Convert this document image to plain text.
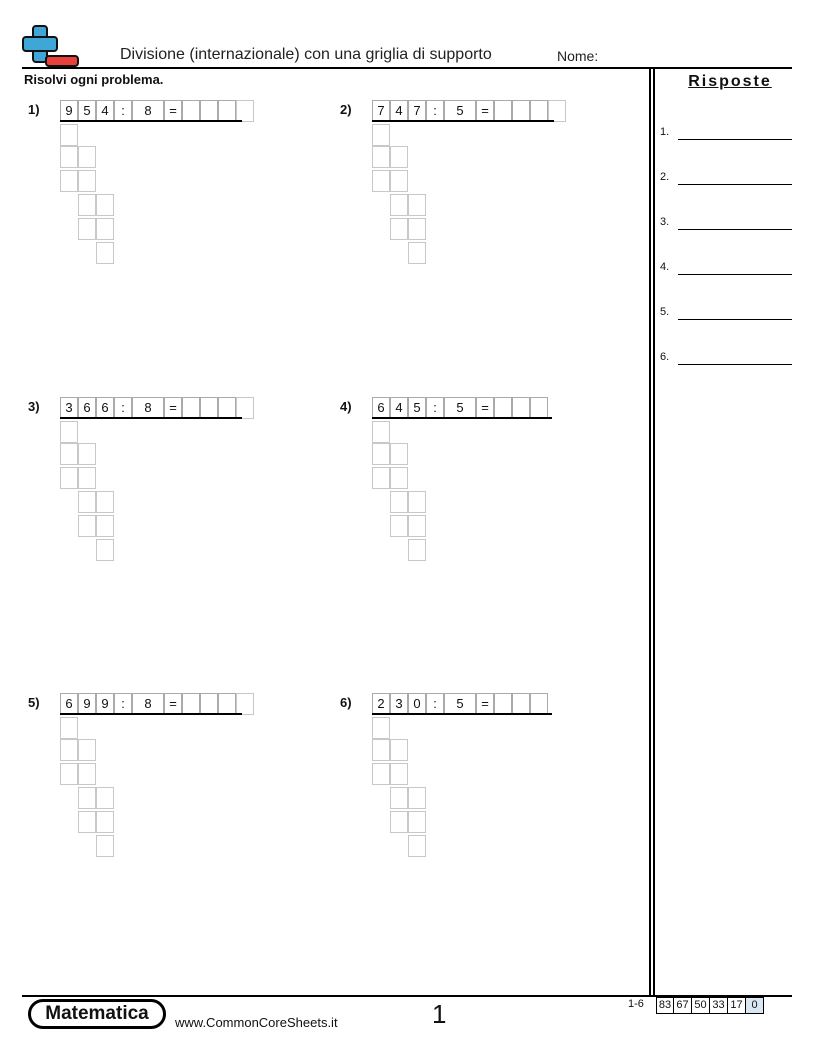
Divisione (internazionale) con una griglia di supporto	Nome:
Risolvi ogni problema.
1)	9 5 4 :	8	=	2)	7 4 7 :	5	=
3)	3 6 6 :	8	=	4)	6 4 5 :	5	=
5)	6 9 9 :	8	=	6)	2 3 0 :	5	=
Risposte
1.
2.
3.
4.
5.
6.
Matematica	www.CommonCoreSheets.it	1	1-6 83 67 50 33 17 0
